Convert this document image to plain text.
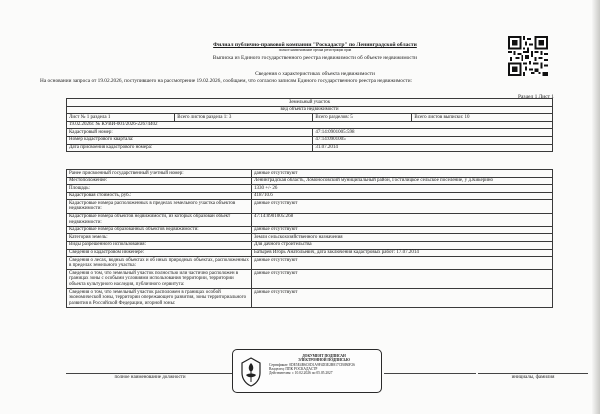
Филиал публично-правовой компании "Роскадастр" по Ленинградской области
полное наименование органа регистрации прав
Выписка из Единого государственного реестра недвижимости об объекте недвижимости
Сведения о характеристиках объекта недвижимости
На основании запроса от 19.02.2026, поступившего на рассмотрение 19.02.2026, сообщаем, что согласно записям Единого государственного реестра недвижимости:
Раздел 1 Лист 1
Земельный участок			
вид объекта недвижимости			
Лист № 1 раздела 1	Всего листов раздела 1: 3	Всего разделов: 5	Всего листов выписки: 10
19.02.2026г. № КУВИ-001/2026-22674402			
Кадастровый номер:		47:14:0901005:598	
Номер кадастрового квартала:		47:14:0901005	
Дата присвоения кадастрового номера:		31.07.2014	
Ранее присвоенный государственный учетный номер:	данные отсутствуют
Местоположение:	Ленинградская область, Ломоносовский муниципальный район, Гостилицкое сельское поселение, у д.Кикерино
Площадь:	1330 +/- 26
Кадастровая стоимость, руб.:	418710.6
Кадастровые номера расположенных в пределах земельного участка объектов недвижимости:	данные отсутствуют
Кадастровые номера объектов недвижимости, из которых образован объект недвижимости:	47:14:0901005:268
Кадастровые номера образованных объектов недвижимости:	данные отсутствуют
Категория земель:	Земли сельскохозяйственного назначения
Виды разрешенного использования:	Для дачного строительства
Сведения о кадастровом инженере:	Батырев Игорь Анатольевич, дата заключения кадастровых работ: 17.07.2014
Сведения о лесах, водных объектах и об иных природных объектах, расположенных в пределах земельного участка:	данные отсутствуют
Сведения о том, что земельный участок полностью или частично расположен в границах зоны с особыми условиями использования территории, территории объекта культурного наследия, публичного сервитута:	данные отсутствуют
Сведения о том, что земельный участок расположен в границах особой экономической зоны, территории опережающего развития, зоны территориального развития в Российской Федерации, игорной зоны:	данные отсутствуют
полное наименование должности	инициалы, фамилия
ДОКУМЕНТ ПОДПИСАН
ЭЛЕКТРОННОЙ ПОДПИСЬЮ
Сертификат: 0DE5E4B6C0D1A9F4D3E2B817CE0B0F26
Владелец: ППК РОСКАДАСТР
Действителен: с 10.02.2026 по 05.05.2027
